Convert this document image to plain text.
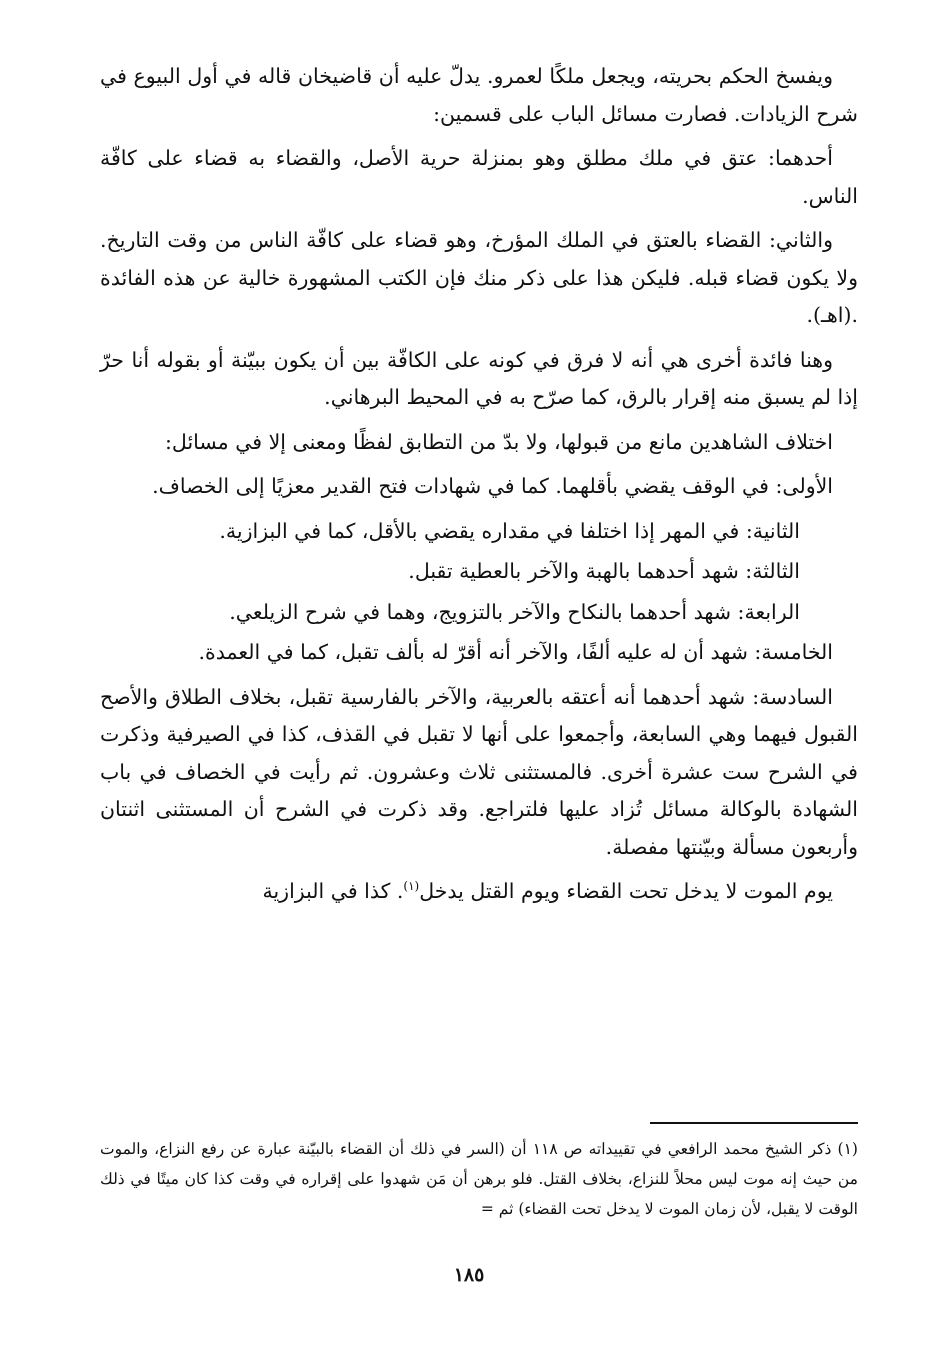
ويفسخ الحكم بحريته، ويجعل ملكًا لعمرو. يدلّ عليه أن قاضيخان قاله في أول البيوع في شرح الزيادات. فصارت مسائل الباب على قسمين:

أحدهما: عتق في ملك مطلق وهو بمنزلة حرية الأصل، والقضاء به قضاء على كافّة الناس.

والثاني: القضاء بالعتق في الملك المؤرخ، وهو قضاء على كافّة الناس من وقت التاريخ. ولا يكون قضاء قبله. فليكن هذا على ذكر منك فإن الكتب المشهورة خالية عن هذه الفائدة .(اهـ).

وهنا فائدة أخرى هي أنه لا فرق في كونه على الكافّة بين أن يكون ببيّنة أو بقوله أنا حرّ إذا لم يسبق منه إقرار بالرق، كما صرّح به في المحيط البرهاني.

اختلاف الشاهدين مانع من قبولها، ولا بدّ من التطابق لفظًا ومعنى إلا في مسائل:

الأولى: في الوقف يقضي بأقلهما. كما في شهادات فتح القدير معزيًا إلى الخصاف.

الثانية: في المهر إذا اختلفا في مقداره يقضي بالأقل، كما في البزازية.

الثالثة: شهد أحدهما بالهبة والآخر بالعطية تقبل.

الرابعة: شهد أحدهما بالنكاح والآخر بالتزويج، وهما في شرح الزيلعي.

الخامسة: شهد أن له عليه ألفًا، والآخر أنه أقرّ له بألف تقبل، كما في العمدة.

السادسة: شهد أحدهما أنه أعتقه بالعربية، والآخر بالفارسية تقبل، بخلاف الطلاق والأصح القبول فيهما وهي السابعة، وأجمعوا على أنها لا تقبل في القذف، كذا في الصيرفية وذكرت في الشرح ست عشرة أخرى. فالمستثنى ثلاث وعشرون. ثم رأيت في الخصاف في باب الشهادة بالوكالة مسائل تُزاد عليها فلتراجع. وقد ذكرت في الشرح أن المستثنى اثنتان وأربعون مسألة وبيّنتها مفصلة.

يوم الموت لا يدخل تحت القضاء ويوم القتل يدخل$^{(١)}$. كذا في البزازية

(١) ذكر الشيخ محمد الرافعي في تقييداته ص ١١٨ أن (السر في ذلك أن القضاء بالبيّنة عبارة عن رفع النزاع، والموت من حيث إنه موت ليس محلاً للنزاع، بخلاف القتل. فلو برهن أن مَن شهدوا على إقراره في وقت كذا كان ميتًا في ذلك الوقت لا يقبل، لأن زمان الموت لا يدخل تحت القضاء) ثم =
١٨٥
